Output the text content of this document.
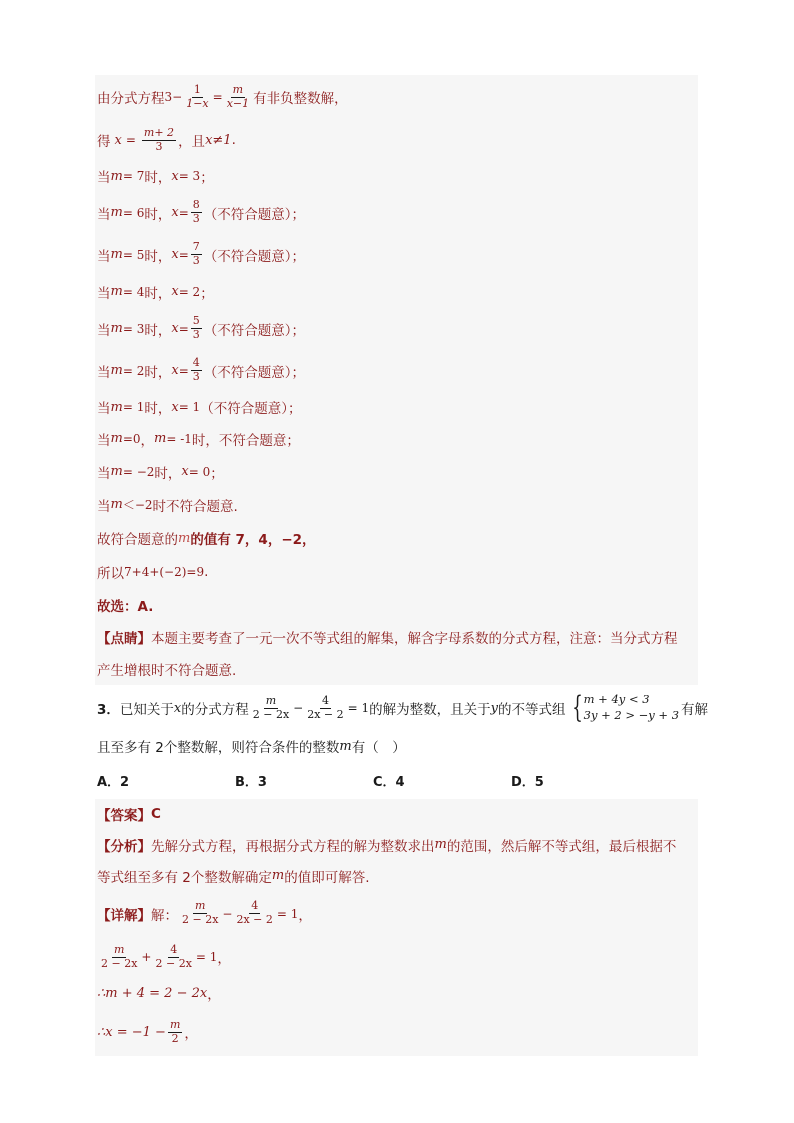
由分式方程 $3- \frac{1}{1-x} = \frac{m}{x-1}$ 有非负整数解，
得 $x = \frac{m+ 2}{3}$ ，且 x≠1 .
当 m = 7 时， x = 3 ；
当 m = 6 时， $x = \frac{8}{3}$ （不符合题意）；
当 m = 5 时， $x = \frac{7}{3}$ （不符合题意）；
当 m = 4 时， x = 2 ；
当 m = 3 时， $x = \frac{5}{3}$ （不符合题意）；
当 m = 2 时， $x = \frac{4}{3}$ （不符合题意）；
当 m = 1 时， x = 1 （不符合题意）；
当 m =0 ， m = -1 时，不符合题意；
当 m = −2 时， x = 0 ；
当 m ＜−2 时不符合题意.
故符合题意的 m 的值有 7，4，−2，
所以 7+4+(−2)=9 .
故选：A.
【点睛】 本题主要考查了一元一次不等式组的解集，解含字母系数的分式方程，注意：当分式方程
产生增根时不符合题意.
3． 已知关于 x 的分式方程 $\frac{m}{2 - 2x} - \frac{4}{2x - 2} = 1$ 的解为整数，且关于 y 的不等式组 { m + 4y < 3
3y + 2 > −y + 3 有解
且至多有 2个整数解，则符合条件的整数 m 有（　）
A．2	B．3	C．4	D．5
【答案】 C
【分析】 先解分式方程，再根据分式方程的解为整数求出 m 的范围，然后解不等式组，最后根据不
等式组至多有 2个整数解确定 m 的值即可解答.
【详解】 解： $\frac{m}{2 - 2x} - \frac{4}{2x - 2} = 1$ ，
$\frac{m}{2 - 2x} + \frac{4}{2 - 2x} = 1$ ，
∴m + 4 = 2 − 2x ，
∴x = $-1 - \frac{m}{2}$ ，
